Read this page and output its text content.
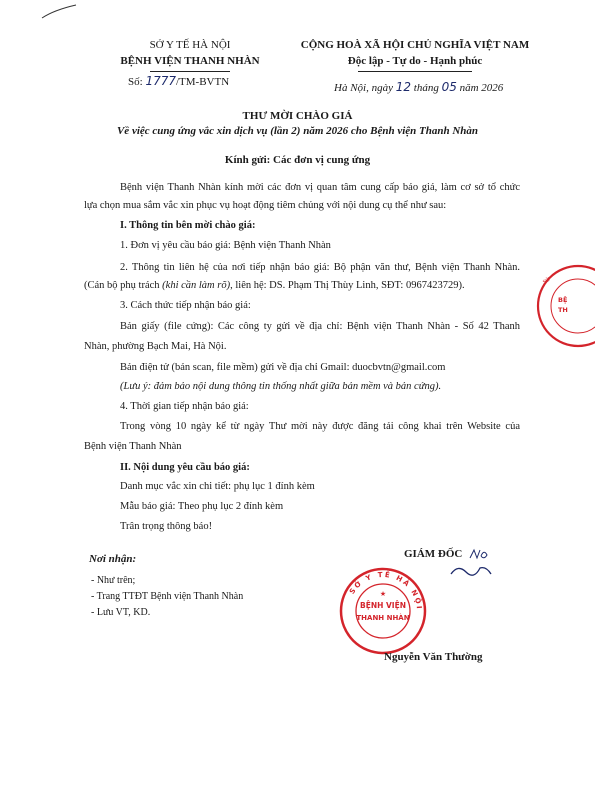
SỞ Y TẾ HÀ NỘI
BỆNH VIỆN THANH NHÀN
Số: 1777/TM-BVTN
CỘNG HOÀ XÃ HỘI CHỦ NGHĨA VIỆT NAM
Độc lập - Tự do - Hạnh phúc
Hà Nội, ngày 12 tháng 05 năm 2026
THƯ MỜI CHÀO GIÁ
Về việc cung ứng vắc xin dịch vụ (lần 2) năm 2026 cho Bệnh viện Thanh Nhàn
Kính gửi: Các đơn vị cung ứng
Bệnh viện Thanh Nhàn kính mời các đơn vị quan tâm cung cấp báo giá, làm cơ sở tổ chức
lựa chọn mua sắm vắc xin phục vụ hoạt động tiêm chủng với nội dung cụ thể như sau:
I. Thông tin bên mời chào giá:
1. Đơn vị yêu cầu báo giá: Bệnh viện Thanh Nhàn
2. Thông tin liên hệ của nơi tiếp nhận báo giá: Bộ phận văn thư, Bệnh viện Thanh Nhàn.
(Cán bộ phụ trách (khi cần làm rõ), liên hệ: DS. Phạm Thị Thùy Linh, SĐT: 0967423729).
3. Cách thức tiếp nhận báo giá:
Bản giấy (file cứng): Các công ty gửi về địa chỉ: Bệnh viện Thanh Nhàn - Số 42 Thanh
Nhàn, phường Bạch Mai, Hà Nội.
Bản điện tử (bản scan, file mềm) gửi về địa chỉ Gmail: duocbvtn@gmail.com
(Lưu ý: đảm bảo nội dung thông tin thống nhất giữa bản mềm và bản cứng).
4. Thời gian tiếp nhận báo giá:
Trong vòng 10 ngày kể từ ngày Thư mời này được đăng tải công khai trên Website của
Bệnh viện Thanh Nhàn
II. Nội dung yêu cầu báo giá:
Danh mục vắc xin chi tiết: phụ lục 1 đính kèm
Mẫu báo giá: Theo phụ lục 2 đính kèm
Trân trọng thông báo!
Nơi nhận:
- Như trên;
- Trang TTĐT Bệnh viện Thanh Nhàn
- Lưu VT, KD.
GIÁM ĐỐC
SỞ Y TẾ HÀ NỘI
BỆNH VIỆN
THANH NHÀN
★
Nguyễn Văn Thường
BỆ
TH
SỞ
